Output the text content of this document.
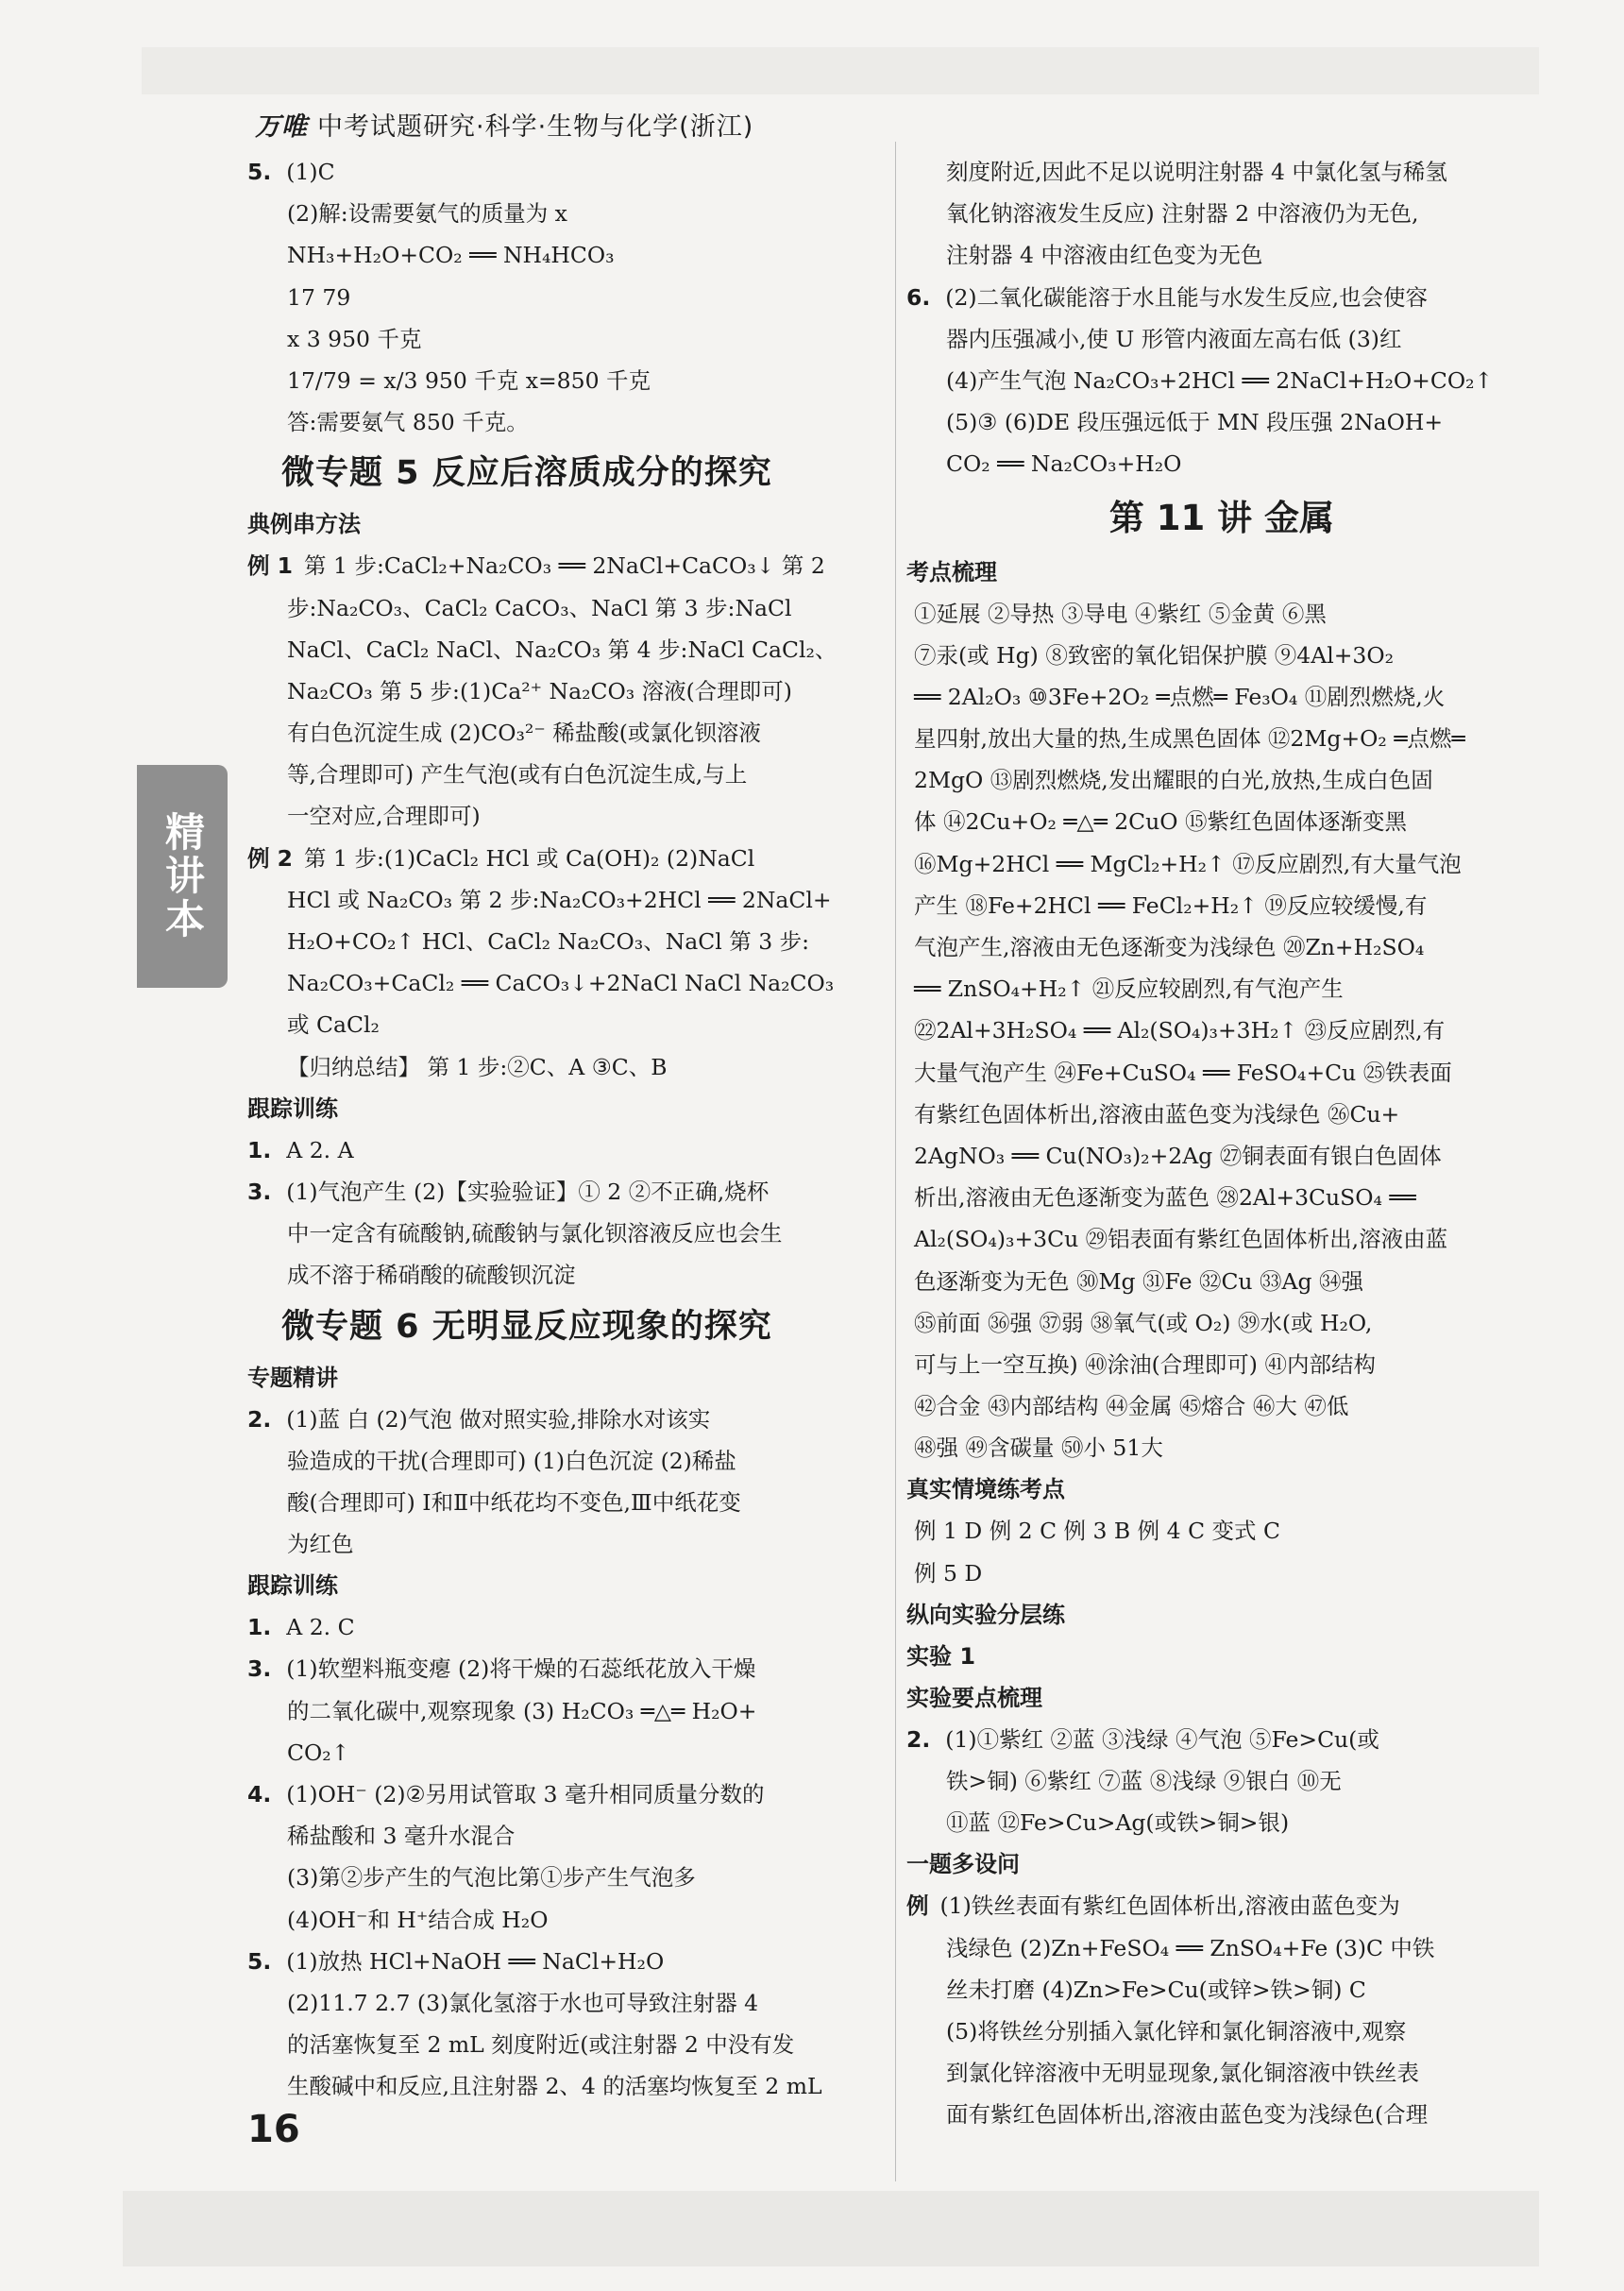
万唯 中考试题研究·科学·生物与化学(浙江)
精讲本
5. (1)C
(2)解:设需要氨气的质量为 x
NH₃+H₂O+CO₂ ══ NH₄HCO₃
17 79
x 3 950 千克
17/79 = x/3 950 千克 x=850 千克
答:需要氨气 850 千克。
微专题 5 反应后溶质成分的探究
典例串方法
例 1 第 1 步:CaCl₂+Na₂CO₃ ══ 2NaCl+CaCO₃↓ 第 2
步:Na₂CO₃、CaCl₂ CaCO₃、NaCl 第 3 步:NaCl
NaCl、CaCl₂ NaCl、Na₂CO₃ 第 4 步:NaCl CaCl₂、
Na₂CO₃ 第 5 步:(1)Ca²⁺ Na₂CO₃ 溶液(合理即可)
有白色沉淀生成 (2)CO₃²⁻ 稀盐酸(或氯化钡溶液
等,合理即可) 产生气泡(或有白色沉淀生成,与上
一空对应,合理即可)
例 2 第 1 步:(1)CaCl₂ HCl 或 Ca(OH)₂ (2)NaCl
HCl 或 Na₂CO₃ 第 2 步:Na₂CO₃+2HCl ══ 2NaCl+
H₂O+CO₂↑ HCl、CaCl₂ Na₂CO₃、NaCl 第 3 步:
Na₂CO₃+CaCl₂ ══ CaCO₃↓+2NaCl NaCl Na₂CO₃
或 CaCl₂
【归纳总结】 第 1 步:②C、A ③C、B
跟踪训练
1. A 2. A
3. (1)气泡产生 (2)【实验验证】① 2 ②不正确,烧杯
中一定含有硫酸钠,硫酸钠与氯化钡溶液反应也会生
成不溶于稀硝酸的硫酸钡沉淀
微专题 6 无明显反应现象的探究
专题精讲
2. (1)蓝 白 (2)气泡 做对照实验,排除水对该实
验造成的干扰(合理即可) (1)白色沉淀 (2)稀盐
酸(合理即可) Ⅰ和Ⅱ中纸花均不变色,Ⅲ中纸花变
为红色
跟踪训练
1. A 2. C
3. (1)软塑料瓶变瘪 (2)将干燥的石蕊纸花放入干燥
的二氧化碳中,观察现象 (3) H₂CO₃ ═△═ H₂O+
CO₂↑
4. (1)OH⁻ (2)②另用试管取 3 毫升相同质量分数的
稀盐酸和 3 毫升水混合
(3)第②步产生的气泡比第①步产生气泡多
(4)OH⁻和 H⁺结合成 H₂O
5. (1)放热 HCl+NaOH ══ NaCl+H₂O
(2)11.7 2.7 (3)氯化氢溶于水也可导致注射器 4
的活塞恢复至 2 mL 刻度附近(或注射器 2 中没有发
生酸碱中和反应,且注射器 2、4 的活塞均恢复至 2 mL
刻度附近,因此不足以说明注射器 4 中氯化氢与稀氢
氧化钠溶液发生反应) 注射器 2 中溶液仍为无色,
注射器 4 中溶液由红色变为无色
6. (2)二氧化碳能溶于水且能与水发生反应,也会使容
器内压强减小,使 U 形管内液面左高右低 (3)红
(4)产生气泡 Na₂CO₃+2HCl ══ 2NaCl+H₂O+CO₂↑
(5)③ (6)DE 段压强远低于 MN 段压强 2NaOH+
CO₂ ══ Na₂CO₃+H₂O
第 11 讲 金属
考点梳理
①延展 ②导热 ③导电 ④紫红 ⑤金黄 ⑥黑
⑦汞(或 Hg) ⑧致密的氧化铝保护膜 ⑨4Al+3O₂
══ 2Al₂O₃ ⑩3Fe+2O₂ ═点燃═ Fe₃O₄ ⑪剧烈燃烧,火
星四射,放出大量的热,生成黑色固体 ⑫2Mg+O₂ ═点燃═
2MgO ⑬剧烈燃烧,发出耀眼的白光,放热,生成白色固
体 ⑭2Cu+O₂ ═△═ 2CuO ⑮紫红色固体逐渐变黑
⑯Mg+2HCl ══ MgCl₂+H₂↑ ⑰反应剧烈,有大量气泡
产生 ⑱Fe+2HCl ══ FeCl₂+H₂↑ ⑲反应较缓慢,有
气泡产生,溶液由无色逐渐变为浅绿色 ⑳Zn+H₂SO₄
══ ZnSO₄+H₂↑ ㉑反应较剧烈,有气泡产生
㉒2Al+3H₂SO₄ ══ Al₂(SO₄)₃+3H₂↑ ㉓反应剧烈,有
大量气泡产生 ㉔Fe+CuSO₄ ══ FeSO₄+Cu ㉕铁表面
有紫红色固体析出,溶液由蓝色变为浅绿色 ㉖Cu+
2AgNO₃ ══ Cu(NO₃)₂+2Ag ㉗铜表面有银白色固体
析出,溶液由无色逐渐变为蓝色 ㉘2Al+3CuSO₄ ══
Al₂(SO₄)₃+3Cu ㉙铝表面有紫红色固体析出,溶液由蓝
色逐渐变为无色 ㉚Mg ㉛Fe ㉜Cu ㉝Ag ㉞强
㉟前面 ㊱强 ㊲弱 ㊳氧气(或 O₂) ㊴水(或 H₂O,
可与上一空互换) ㊵涂油(合理即可) ㊶内部结构
㊷合金 ㊸内部结构 ㊹金属 ㊺熔合 ㊻大 ㊼低
㊽强 ㊾含碳量 ㊿小 51大
真实情境练考点
例 1 D 例 2 C 例 3 B 例 4 C 变式 C
例 5 D
纵向实验分层练
实验 1
实验要点梳理
2. (1)①紫红 ②蓝 ③浅绿 ④气泡 ⑤Fe>Cu(或
铁>铜) ⑥紫红 ⑦蓝 ⑧浅绿 ⑨银白 ⑩无
⑪蓝 ⑫Fe>Cu>Ag(或铁>铜>银)
一题多设问
例 (1)铁丝表面有紫红色固体析出,溶液由蓝色变为
浅绿色 (2)Zn+FeSO₄ ══ ZnSO₄+Fe (3)C 中铁
丝未打磨 (4)Zn>Fe>Cu(或锌>铁>铜) C
(5)将铁丝分别插入氯化锌和氯化铜溶液中,观察
到氯化锌溶液中无明显现象,氯化铜溶液中铁丝表
面有紫红色固体析出,溶液由蓝色变为浅绿色(合理
16
